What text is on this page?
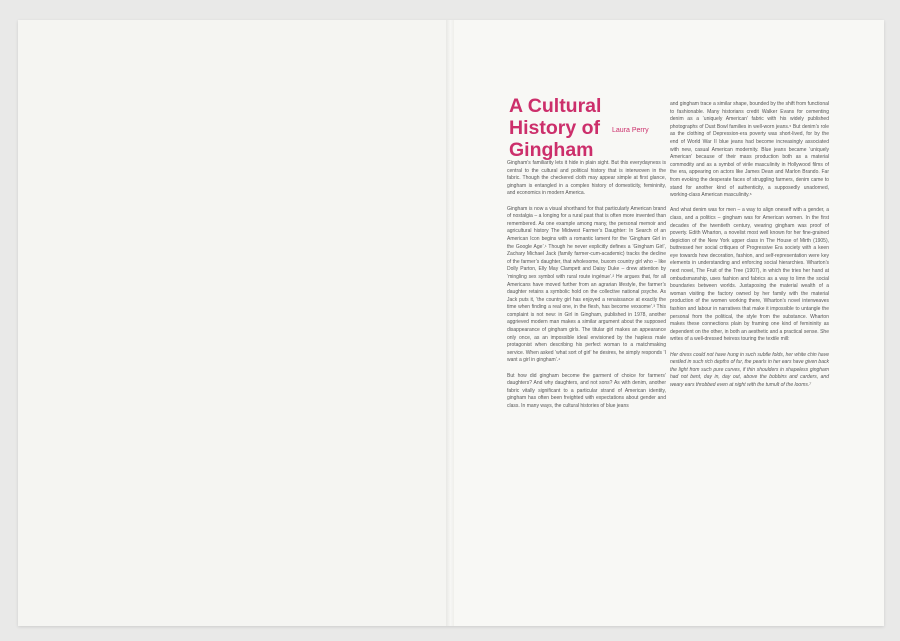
A Cultural History of Gingham
Laura Perry

Gingham’s familiarity lets it hide in plain sight. But this everydayness is central to the cultural and political history that is interwoven in the fabric. Though the checkered cloth may appear simple at first glance, gingham is entangled in a complex history of domesticity, femininity, and economics in modern America.

Gingham is now a visual shorthand for that particularly American brand of nostalgia – a longing for a rural past that is often more invented than remembered. As one example among many, the personal memoir and agricultural history The Midwest Farmer’s Daughter: In Search of an American Icon begins with a romantic lament for the ‘Gingham Girl in the Google Age’.¹ Though he never explicitly defines a ‘Gingham Girl’, Zachary Michael Jack (family farmer-cum-academic) tracks the decline of the farmer’s daughter, that wholesome, buxom country girl who – like Dolly Parton, Elly May Clampett and Daisy Duke – drew attention by ‘mingling sex symbol with rural route ingénue’.² He argues that, for all Americans have moved further from an agrarian lifestyle, the farmer’s daughter retains a symbolic hold on the collective national psyche. As Jack puts it, ‘the country girl has enjoyed a renaissance at exactly the time when finding a real one, in the flesh, has become vexsome’.³ This complaint is not new: in Girl in Gingham, published in 1978, another aggrieved modern man makes a similar argument about the supposed disappearance of gingham girls. The titular girl makes an appearance only once, as an impossible ideal envisioned by the hapless male protagonist when describing his perfect woman to a matchmaking service. When asked ‘what sort of girl’ he desires, he simply responds ‘I want a girl in gingham’.⁴

But how did gingham become the garment of choice for farmers’ daughters? And why daughters, and not sons? As with denim, another fabric vitally significant to a particular strand of American identity, gingham has often been freighted with expectations about gender and class. In many ways, the cultural histories of blue jeans

and gingham trace a similar shape, bounded by the shift from functional to fashionable. Many historians credit Walker Evans for cementing denim as a ‘uniquely American’ fabric with his widely published photographs of Dust Bowl families in well-worn jeans.⁵ But denim’s role as the clothing of Depression-era poverty was short-lived, for by the end of World War II blue jeans had become increasingly associated with new, casual American modernity. Blue jeans became ‘uniquely American’ because of their mass production both as a material commodity and as a symbol of virile masculinity in Hollywood films of the era, appearing on actors like James Dean and Marlon Brando. Far from evoking the desperate faces of struggling farmers, denim came to stand for another kind of authenticity, a supposedly unadorned, working-class American masculinity.⁶

And what denim was for men – a way to align oneself with a gender, a class, and a politics – gingham was for American women. In the first decades of the twentieth century, wearing gingham was proof of poverty. Edith Wharton, a novelist most well known for her fine-grained depiction of the New York upper class in The House of Mirth (1905), buttressed her social critiques of Progressive Era society with a keen eye towards how decoration, fashion, and self-representation were key elements in understanding and enforcing social hierarchies. Wharton’s next novel, The Fruit of the Tree (1907), in which the tries her hand at ombudsmanship, uses fashion and fabrics as a way to limn the social boundaries between worlds. Juxtaposing the material wealth of a woman visiting the factory owned by her family with the material production of the women working there, Wharton’s novel interweaves fashion and labour in narratives that make it impossible to untangle the personal from the political, the style from the substance. Wharton makes these connections plain by framing one kind of femininity as dependent on the other, in both an aesthetic and a practical sense. She writes of a well-dressed heiress touring the textile mill:

Her dress could not have hung in such subtle folds, her white chin have nestled in such rich depths of fur, the pearls in her ears have given back the light from such pure curves, if thin shoulders in shapeless gingham had not bent, day in, day out, above the bobbins and carders, and weary ears throbbed even at night with the tumult of the looms.⁷
